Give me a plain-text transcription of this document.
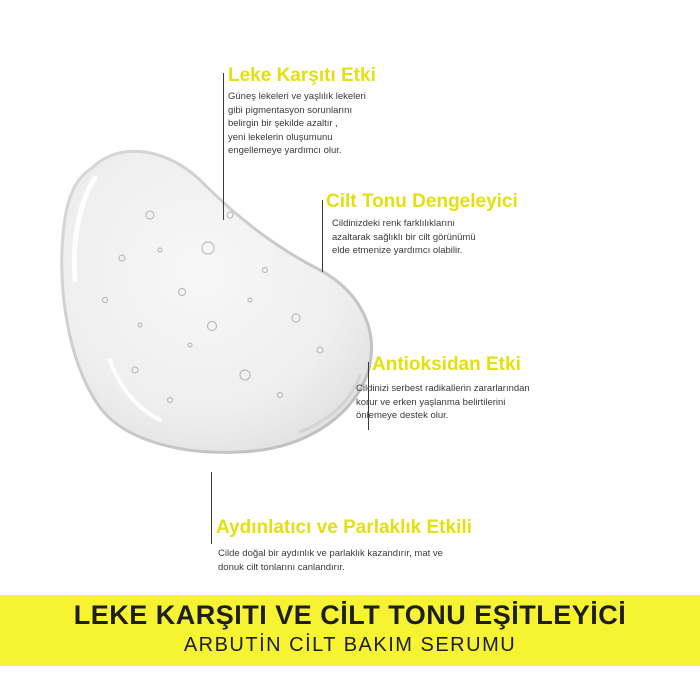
Leke Karşıtı Etki
Güneş lekeleri ve yaşlılık lekeleri
gibi pigmentasyon sorunlarını
belirgin bir şekilde azaltır ,
yeni lekelerin oluşumunu
engellemeye yardımcı olur.
Cilt Tonu Dengeleyici
Cildinizdeki renk farklılıklarını
azaltarak sağlıklı bir cilt görünümü
elde etmenize yardımcı olabilir.
Antioksidan Etki
Cildinizi serbest radikallerin zararlarından
korur ve erken yaşlanma belirtilerini
önlemeye destek olur.
Aydınlatıcı ve Parlaklık Etkili
Cilde doğal bir aydınlık ve parlaklık kazandırır, mat ve
donuk cilt tonlarını canlandırır.
LEKE KARŞITI VE CİLT TONU EŞİTLEYİCİ
ARBUTİN CİLT BAKIM SERUMU
